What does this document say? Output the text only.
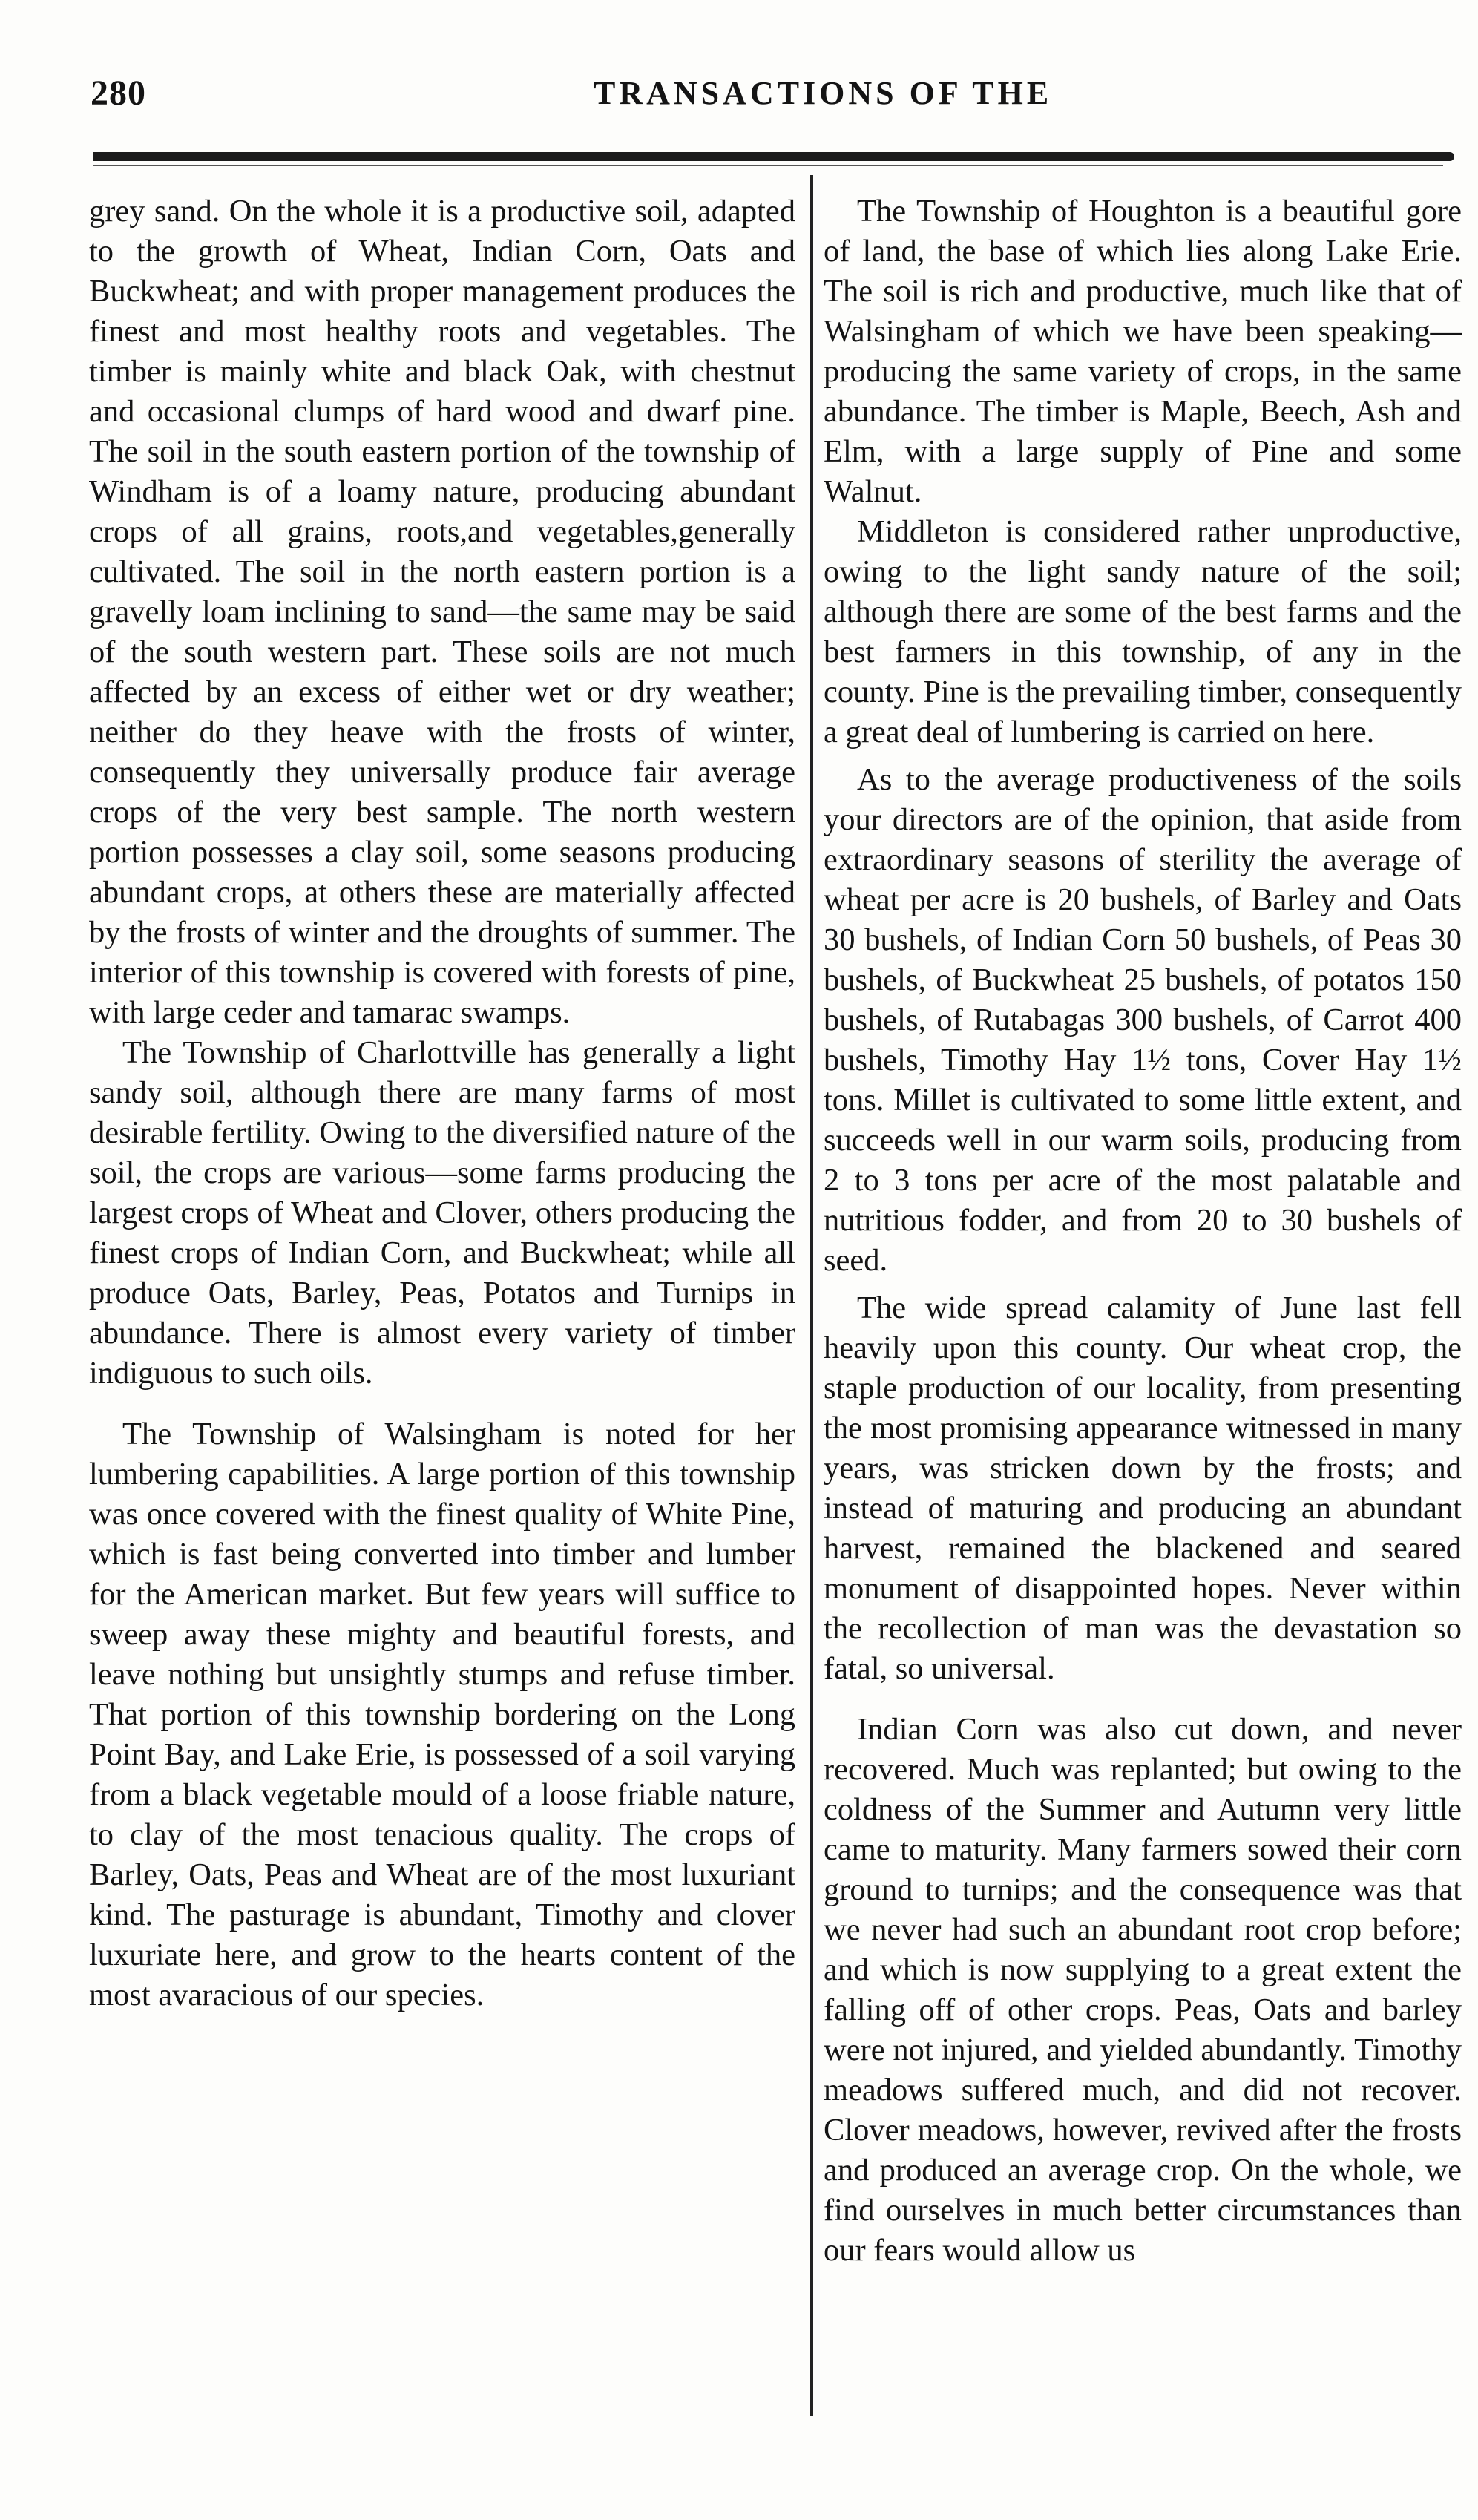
280	TRANSACTIONS OF THE

grey sand. On the whole it is a productive soil, adapted to the growth of Wheat, Indian Corn, Oats and Buckwheat; and with proper management produces the finest and most healthy roots and vegetables. The timber is mainly white and black Oak, with chestnut and occasional clumps of hard wood and dwarf pine. The soil in the south eastern portion of the township of Windham is of a loamy nature, producing abundant crops of all grains, roots,and vegetables,generally cultivated. The soil in the north eastern portion is a gravelly loam inclining to sand—the same may be said of the south western part. These soils are not much affected by an excess of either wet or dry weather; neither do they heave with the frosts of winter, consequently they universally produce fair average crops of the very best sample. The north western portion possesses a clay soil, some seasons producing abundant crops, at others these are materially affected by the frosts of winter and the droughts of summer. The interior of this township is covered with forests of pine, with large ceder and tamarac swamps.

The Township of Charlottville has generally a light sandy soil, although there are many farms of most desirable fertility. Owing to the diversified nature of the soil, the crops are various—some farms producing the largest crops of Wheat and Clover, others producing the finest crops of Indian Corn, and Buckwheat; while all produce Oats, Barley, Peas, Potatos and Turnips in abundance. There is almost every variety of timber indiguous to such oils.

The Township of Walsingham is noted for her lumbering capabilities. A large portion of this township was once covered with the finest quality of White Pine, which is fast being converted into timber and lumber for the American market. But few years will suffice to sweep away these mighty and beautiful forests, and leave nothing but unsightly stumps and refuse timber. That portion of this township bordering on the Long Point Bay, and Lake Erie, is possessed of a soil varying from a black vegetable mould of a loose friable nature, to clay of the most tenacious quality. The crops of Barley, Oats, Peas and Wheat are of the most luxuriant kind. The pasturage is abundant, Timothy and clover luxuriate here, and grow to the hearts content of the most avaracious of our species.

The Township of Houghton is a beautiful gore of land, the base of which lies along Lake Erie. The soil is rich and productive, much like that of Walsingham of which we have been speaking—producing the same variety of crops, in the same abundance. The timber is Maple, Beech, Ash and Elm, with a large supply of Pine and some Walnut.

Middleton is considered rather unproductive, owing to the light sandy nature of the soil; although there are some of the best farms and the best farmers in this township, of any in the county. Pine is the prevailing timber, consequently a great deal of lumbering is carried on here.

As to the average productiveness of the soils your directors are of the opinion, that aside from extraordinary seasons of sterility the average of wheat per acre is 20 bushels, of Barley and Oats 30 bushels, of Indian Corn 50 bushels, of Peas 30 bushels, of Buckwheat 25 bushels, of potatos 150 bushels, of Rutabagas 300 bushels, of Carrot 400 bushels, Timothy Hay 1½ tons, Cover Hay 1½ tons. Millet is cultivated to some little extent, and succeeds well in our warm soils, producing from 2 to 3 tons per acre of the most palatable and nutritious fodder, and from 20 to 30 bushels of seed.

The wide spread calamity of June last fell heavily upon this county. Our wheat crop, the staple production of our locality, from presenting the most promising appearance witnessed in many years, was stricken down by the frosts; and instead of maturing and producing an abundant harvest, remained the blackened and seared monument of disappointed hopes. Never within the recollection of man was the devastation so fatal, so universal.

Indian Corn was also cut down, and never recovered. Much was replanted; but owing to the coldness of the Summer and Autumn very little came to maturity. Many farmers sowed their corn ground to turnips; and the consequence was that we never had such an abundant root crop before; and which is now supplying to a great extent the falling off of other crops. Peas, Oats and barley were not injured, and yielded abundantly. Timothy meadows suffered much, and did not recover. Clover meadows, however, revived after the frosts and produced an average crop. On the whole, we find ourselves in much better circumstances than our fears would allow us
